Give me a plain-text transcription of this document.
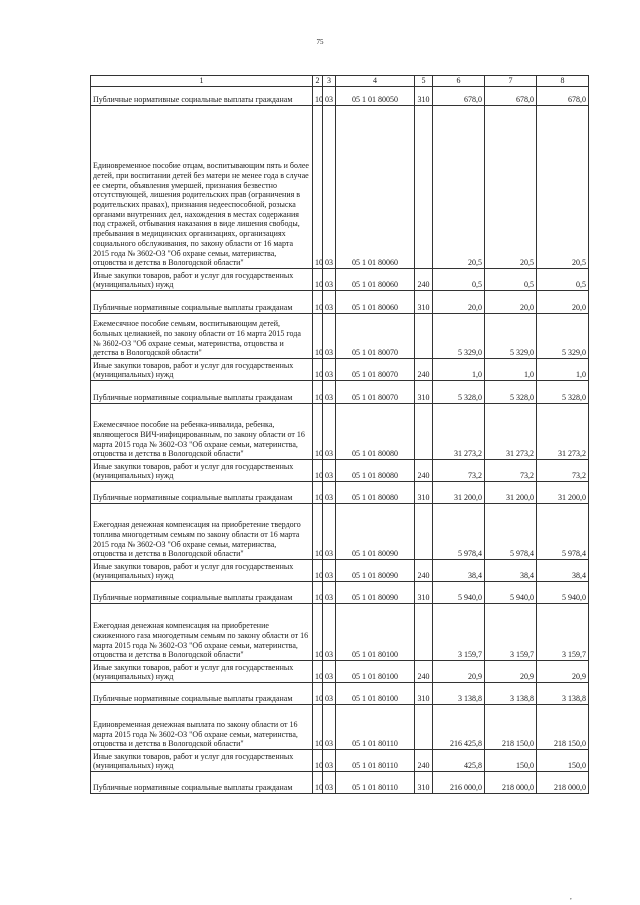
75
1	2	3	4	5	6	7	8
Публичные нормативные социальные выплаты гражданам	10	03	05 1 01 80050	310	678,0	678,0	678,0
Единовременное пособие отцам, воспитывающим пять и более детей, при воспитании детей без матери не менее года в случае ее смерти, объявления умершей, признания безвестно отсутствующей, лишения родительских прав (ограничения в родительских правах), признания недееспособной, розыска органами внутренних дел, нахождения в местах содержания под стражей, отбывания наказания в виде лишения свободы, пребывания в медицинских организациях, организациях социального обслуживания, по закону области от 16 марта 2015 года № 3602-ОЗ "Об охране семьи, материнства, отцовства и детства в Вологодской области"	10	03	05 1 01 80060		20,5	20,5	20,5
Иные закупки товаров, работ и услуг для государственных (муниципальных) нужд	10	03	05 1 01 80060	240	0,5	0,5	0,5
Публичные нормативные социальные выплаты гражданам	10	03	05 1 01 80060	310	20,0	20,0	20,0
Ежемесячное пособие семьям, воспитывающим детей, больных целиакией, по закону области от 16 марта 2015 года № 3602-ОЗ "Об охране семьи, материнства, отцовства и детства в Вологодской области"	10	03	05 1 01 80070		5 329,0	5 329,0	5 329,0
Иные закупки товаров, работ и услуг для государственных (муниципальных) нужд	10	03	05 1 01 80070	240	1,0	1,0	1,0
Публичные нормативные социальные выплаты гражданам	10	03	05 1 01 80070	310	5 328,0	5 328,0	5 328,0
Ежемесячное пособие на ребенка-инвалида, ребенка, являющегося ВИЧ-инфицированным, по закону области от 16 марта 2015 года № 3602-ОЗ "Об охране семьи, материнства, отцовства и детства в Вологодской области"	10	03	05 1 01 80080		31 273,2	31 273,2	31 273,2
Иные закупки товаров, работ и услуг для государственных (муниципальных) нужд	10	03	05 1 01 80080	240	73,2	73,2	73,2
Публичные нормативные социальные выплаты гражданам	10	03	05 1 01 80080	310	31 200,0	31 200,0	31 200,0
Ежегодная денежная компенсация на приобретение твердого топлива многодетным семьям по закону области от 16 марта 2015 года № 3602-ОЗ "Об охране семьи, материнства, отцовства и детства в Вологодской области"	10	03	05 1 01 80090		5 978,4	5 978,4	5 978,4
Иные закупки товаров, работ и услуг для государственных (муниципальных) нужд	10	03	05 1 01 80090	240	38,4	38,4	38,4
Публичные нормативные социальные выплаты гражданам	10	03	05 1 01 80090	310	5 940,0	5 940,0	5 940,0
Ежегодная денежная компенсация на приобретение сжиженного газа многодетным семьям по закону области от 16 марта 2015 года № 3602-ОЗ "Об охране семьи, материнства, отцовства и детства в Вологодской области"	10	03	05 1 01 80100		3 159,7	3 159,7	3 159,7
Иные закупки товаров, работ и услуг для государственных (муниципальных) нужд	10	03	05 1 01 80100	240	20,9	20,9	20,9
Публичные нормативные социальные выплаты гражданам	10	03	05 1 01 80100	310	3 138,8	3 138,8	3 138,8
Единовременная денежная выплата по закону области от 16 марта 2015 года № 3602-ОЗ "Об охране семьи, материнства, отцовства и детства в Вологодской области"	10	03	05 1 01 80110		216 425,8	218 150,0	218 150,0
Иные закупки товаров, работ и услуг для государственных (муниципальных) нужд	10	03	05 1 01 80110	240	425,8	150,0	150,0
Публичные нормативные социальные выплаты гражданам	10	03	05 1 01 80110	310	216 000,0	218 000,0	218 000,0
,
